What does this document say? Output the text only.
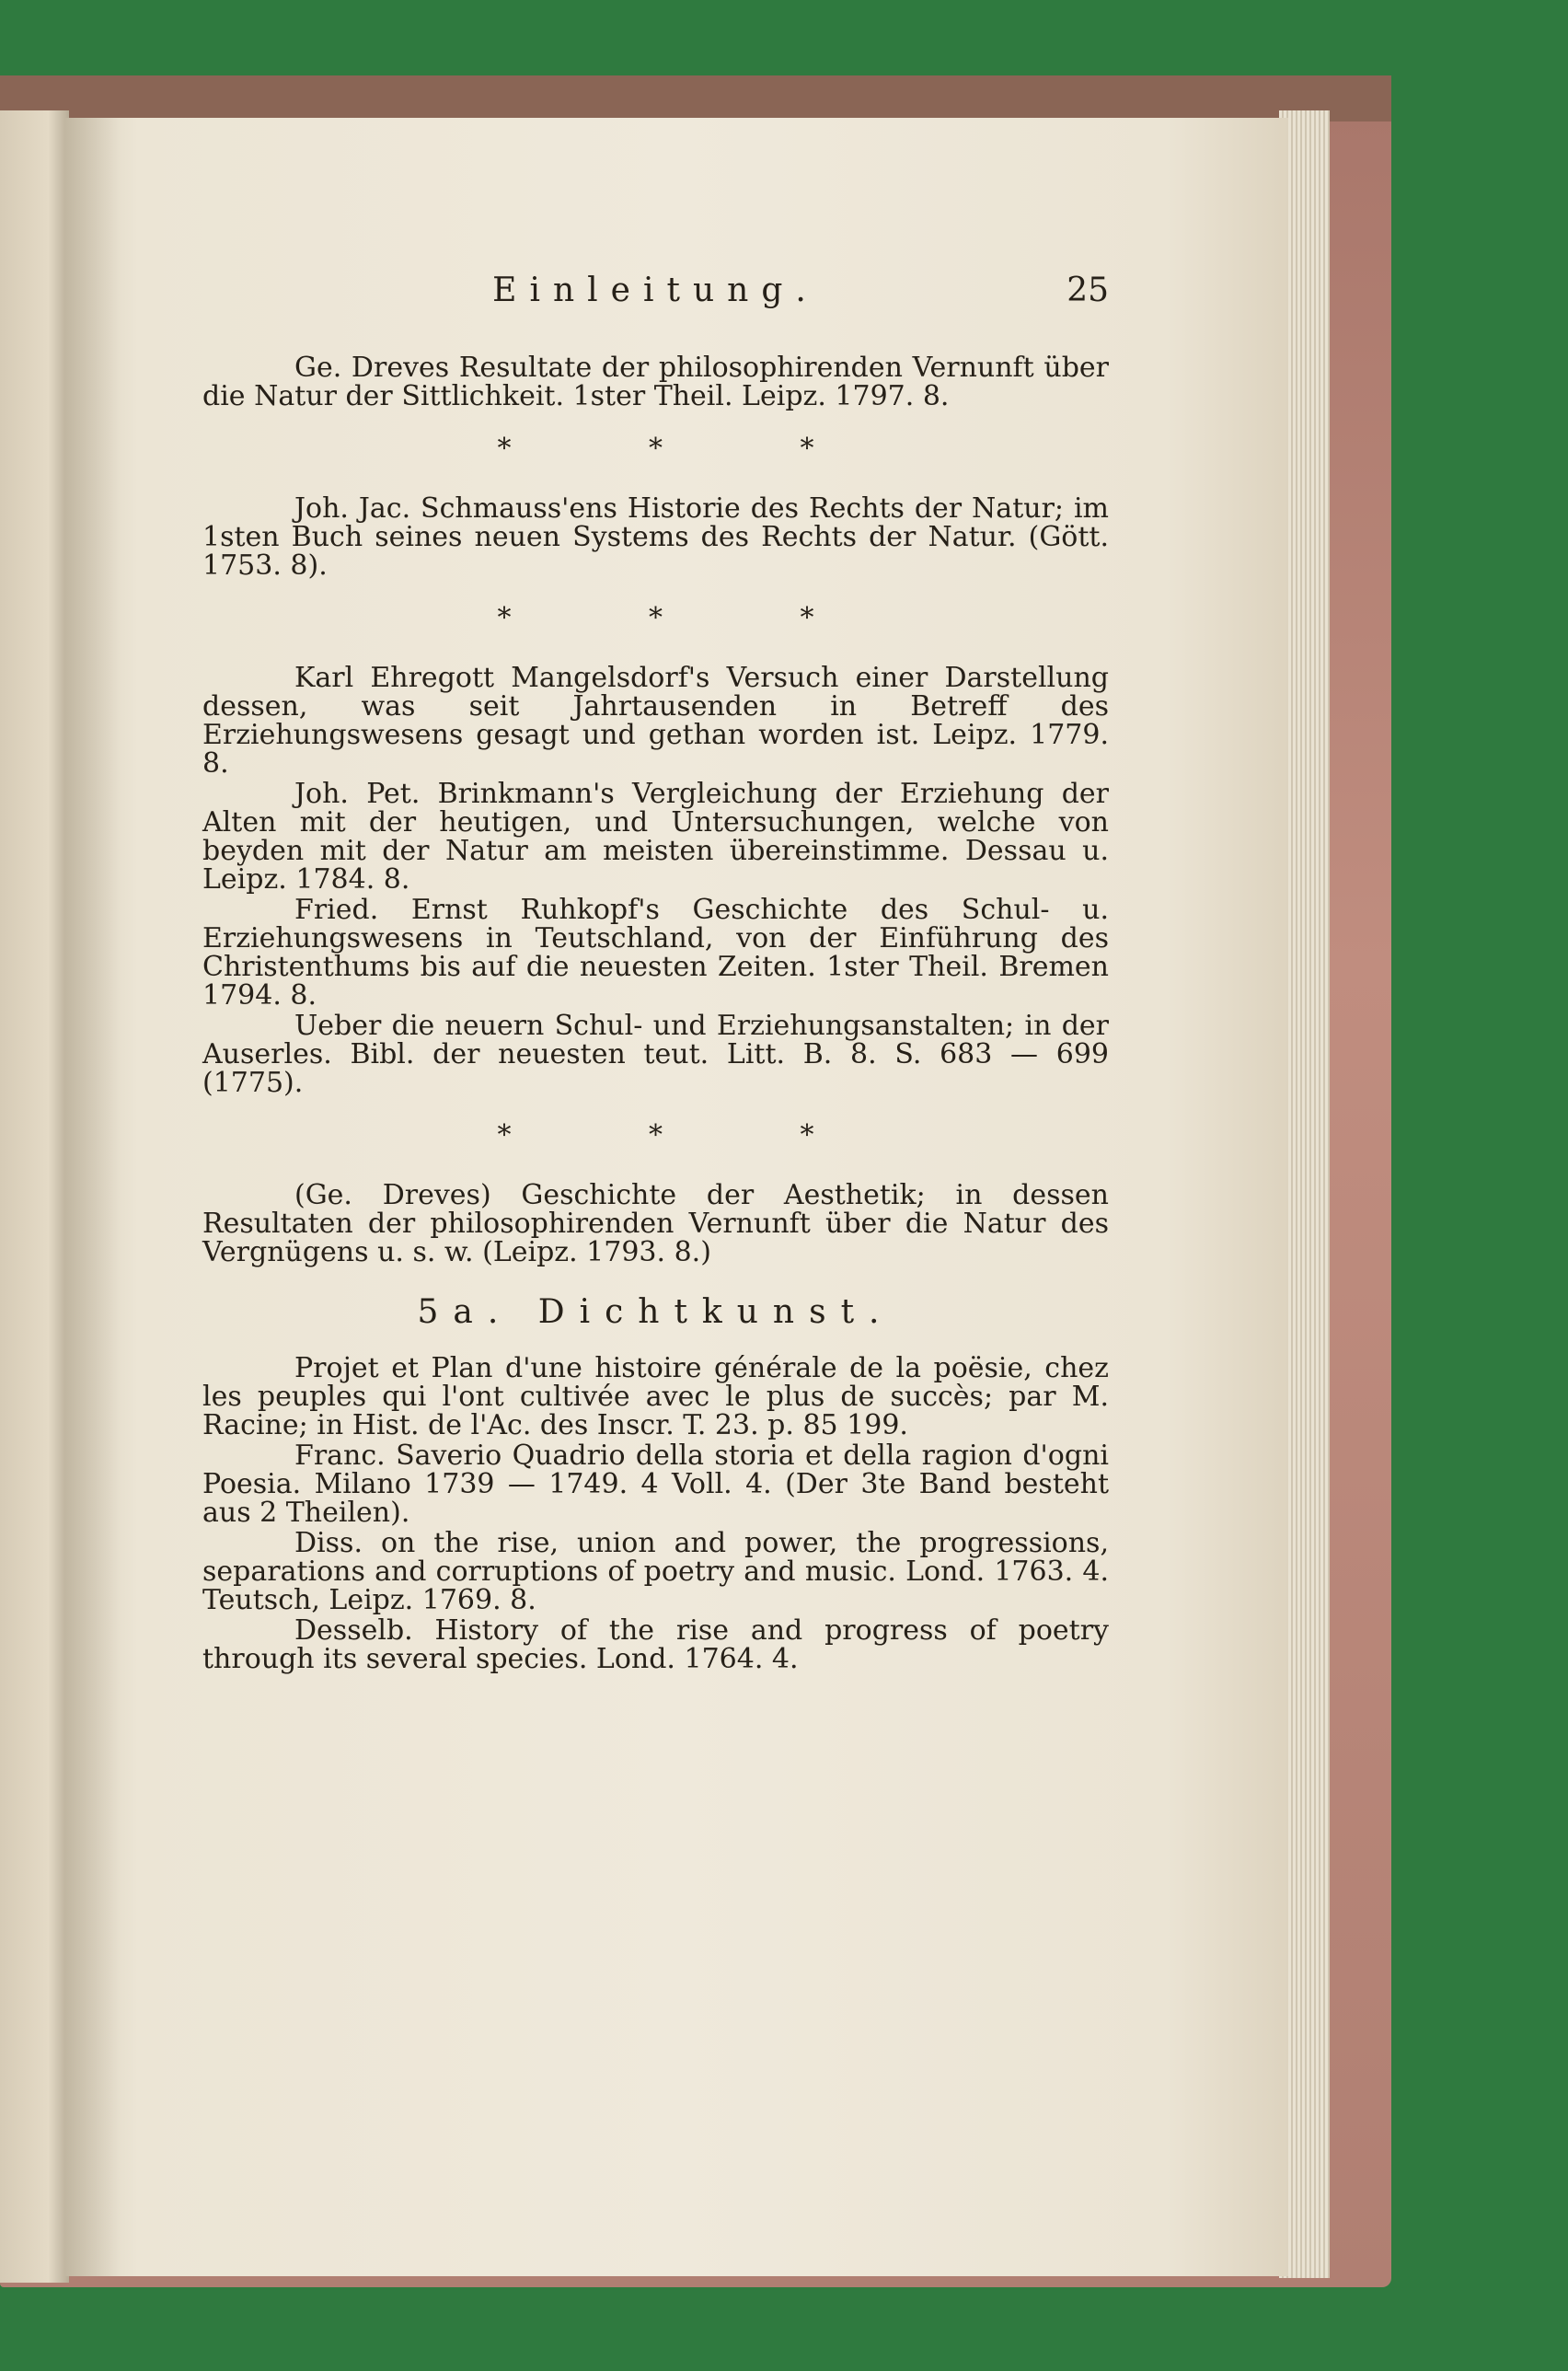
Einleitung.	25

Ge. Dreves Resultate der philosophirenden Vernunft über die Natur der Sittlichkeit. 1ster Theil. Leipz. 1797. 8.

* * *

Joh. Jac. Schmauss'ens Historie des Rechts der Natur; im 1sten Buch seines neuen Systems des Rechts der Natur. (Gött. 1753. 8).

* * *

Karl Ehregott Mangelsdorf's Versuch einer Darstellung dessen, was seit Jahrtausenden in Betreff des Erziehungswesens gesagt und gethan worden ist. Leipz. 1779. 8.

Joh. Pet. Brinkmann's Vergleichung der Erziehung der Alten mit der heutigen, und Untersuchungen, welche von beyden mit der Natur am meisten übereinstimme. Dessau u. Leipz. 1784. 8.

Fried. Ernst Ruhkopf's Geschichte des Schul- u. Erziehungswesens in Teutschland, von der Einführung des Christenthums bis auf die neuesten Zeiten. 1ster Theil. Bremen 1794. 8.

Ueber die neuern Schul- und Erziehungsanstalten; in der Auserles. Bibl. der neuesten teut. Litt. B. 8. S. 683 — 699 (1775).

* * *

(Ge. Dreves) Geschichte der Aesthetik; in dessen Resultaten der philosophirenden Vernunft über die Natur des Vergnügens u. s. w. (Leipz. 1793. 8.)

5a. Dichtkunst.

Projet et Plan d'une histoire générale de la poësie, chez les peuples qui l'ont cultivée avec le plus de succès; par M. Racine; in Hist. de l'Ac. des Inscr. T. 23. p. 85 199.

Franc. Saverio Quadrio della storia et della ragion d'ogni Poesia. Milano 1739 — 1749. 4 Voll. 4. (Der 3te Band besteht aus 2 Theilen).

Diss. on the rise, union and power, the progressions, separations and corruptions of poetry and music. Lond. 1763. 4. Teutsch, Leipz. 1769. 8.

Desselb. History of the rise and progress of poetry through its several species. Lond. 1764. 4.
